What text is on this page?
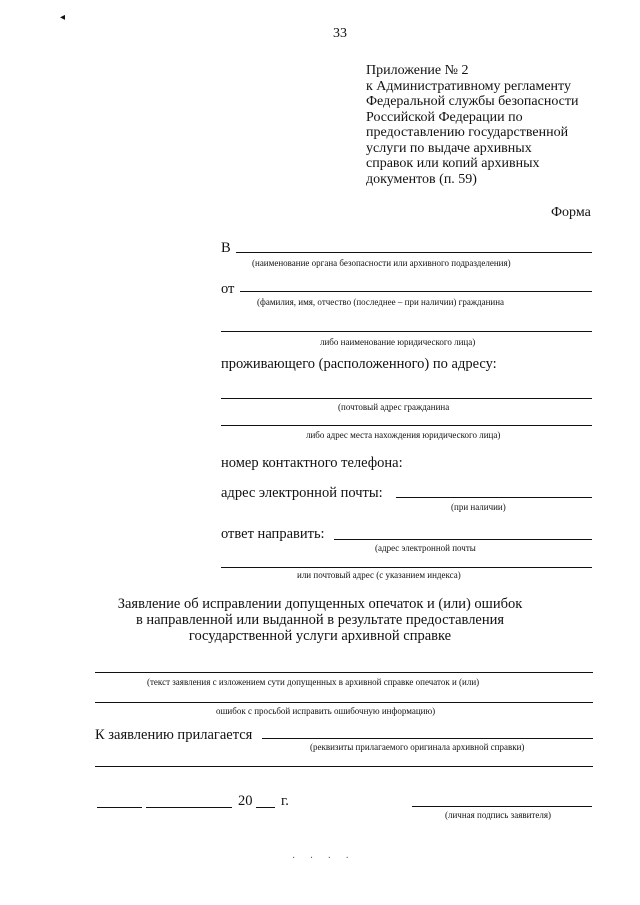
◂
33
Приложение № 2
к Административному регламенту
Федеральной службы безопасности
Российской Федерации по
предоставлению государственной
услуги по выдаче архивных
справок или копий архивных
документов (п. 59)
Форма
В
(наименование органа безопасности или архивного подразделения)
от
(фамилия, имя, отчество (последнее – при наличии) гражданина
либо наименование юридического лица)
проживающего (расположенного) по адресу:
(почтовый адрес гражданина
либо адрес места нахождения юридического лица)
номер контактного телефона:
адрес электронной почты:
(при наличии)
ответ направить:
(адрес электронной почты
или почтовый адрес (с указанием индекса)
Заявление об исправлении допущенных опечаток и (или) ошибок
в направленной или выданной в результате предоставления
государственной услуги архивной справке
(текст заявления с изложением сути допущенных в архивной справке опечаток и (или)
ошибок с просьбой исправить ошибочную информацию)
К заявлению прилагается
(реквизиты прилагаемого оригинала архивной справки)
20 г.
(личная подпись заявителя)
· · · ·
